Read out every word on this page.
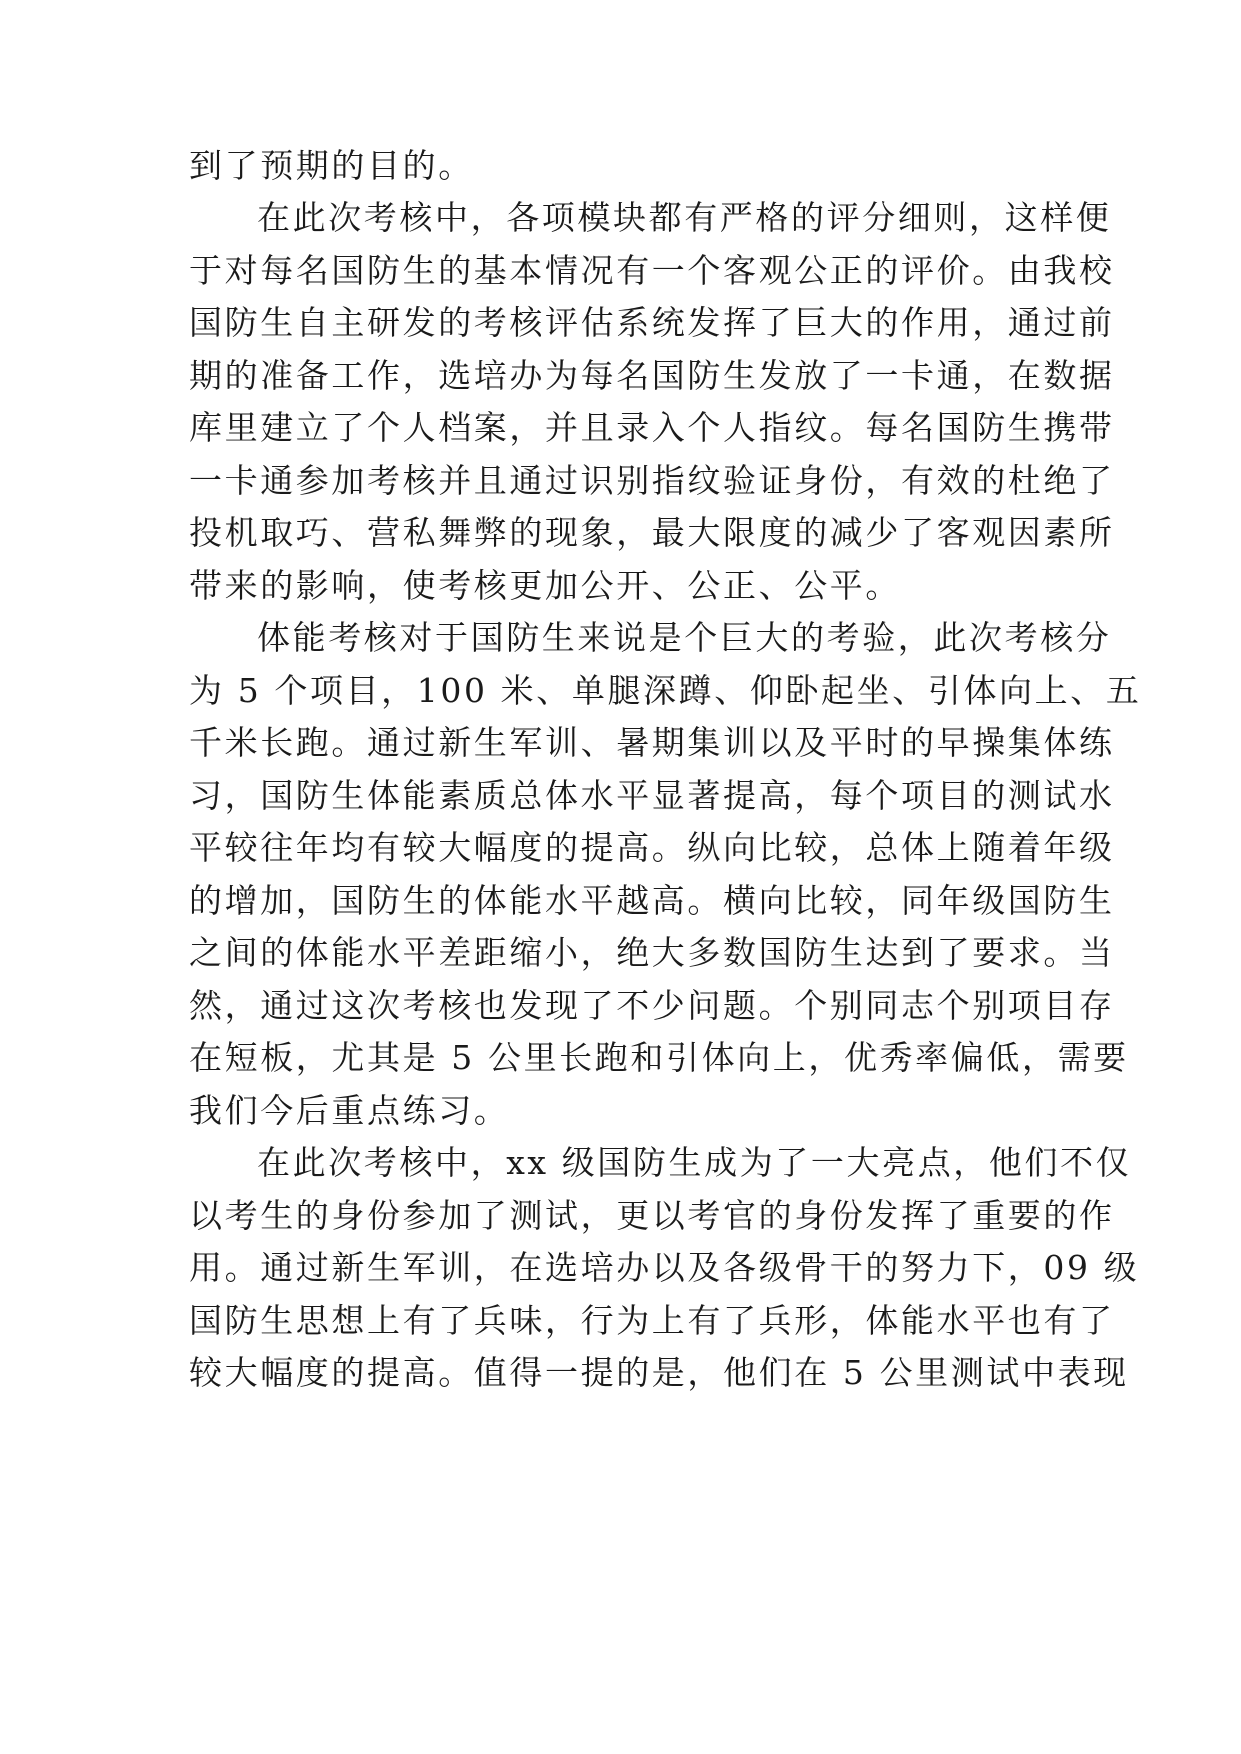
到了预期的目的。
在此次考核中，各项模块都有严格的评分细则，这样便
于对每名国防生的基本情况有一个客观公正的评价。由我校
国防生自主研发的考核评估系统发挥了巨大的作用，通过前
期的准备工作，选培办为每名国防生发放了一卡通，在数据
库里建立了个人档案，并且录入个人指纹。每名国防生携带
一卡通参加考核并且通过识别指纹验证身份，有效的杜绝了
投机取巧、营私舞弊的现象，最大限度的减少了客观因素所
带来的影响，使考核更加公开、公正、公平。
体能考核对于国防生来说是个巨大的考验，此次考核分
为 5 个项目，100 米、单腿深蹲、仰卧起坐、引体向上、五
千米长跑。通过新生军训、暑期集训以及平时的早操集体练
习，国防生体能素质总体水平显著提高，每个项目的测试水
平较往年均有较大幅度的提高。纵向比较，总体上随着年级
的增加，国防生的体能水平越高。横向比较，同年级国防生
之间的体能水平差距缩小，绝大多数国防生达到了要求。当
然，通过这次考核也发现了不少问题。个别同志个别项目存
在短板，尤其是 5 公里长跑和引体向上，优秀率偏低，需要
我们今后重点练习。
在此次考核中，xx 级国防生成为了一大亮点，他们不仅
以考生的身份参加了测试，更以考官的身份发挥了重要的作
用。通过新生军训，在选培办以及各级骨干的努力下，09 级
国防生思想上有了兵味，行为上有了兵形，体能水平也有了
较大幅度的提高。值得一提的是，他们在 5 公里测试中表现
